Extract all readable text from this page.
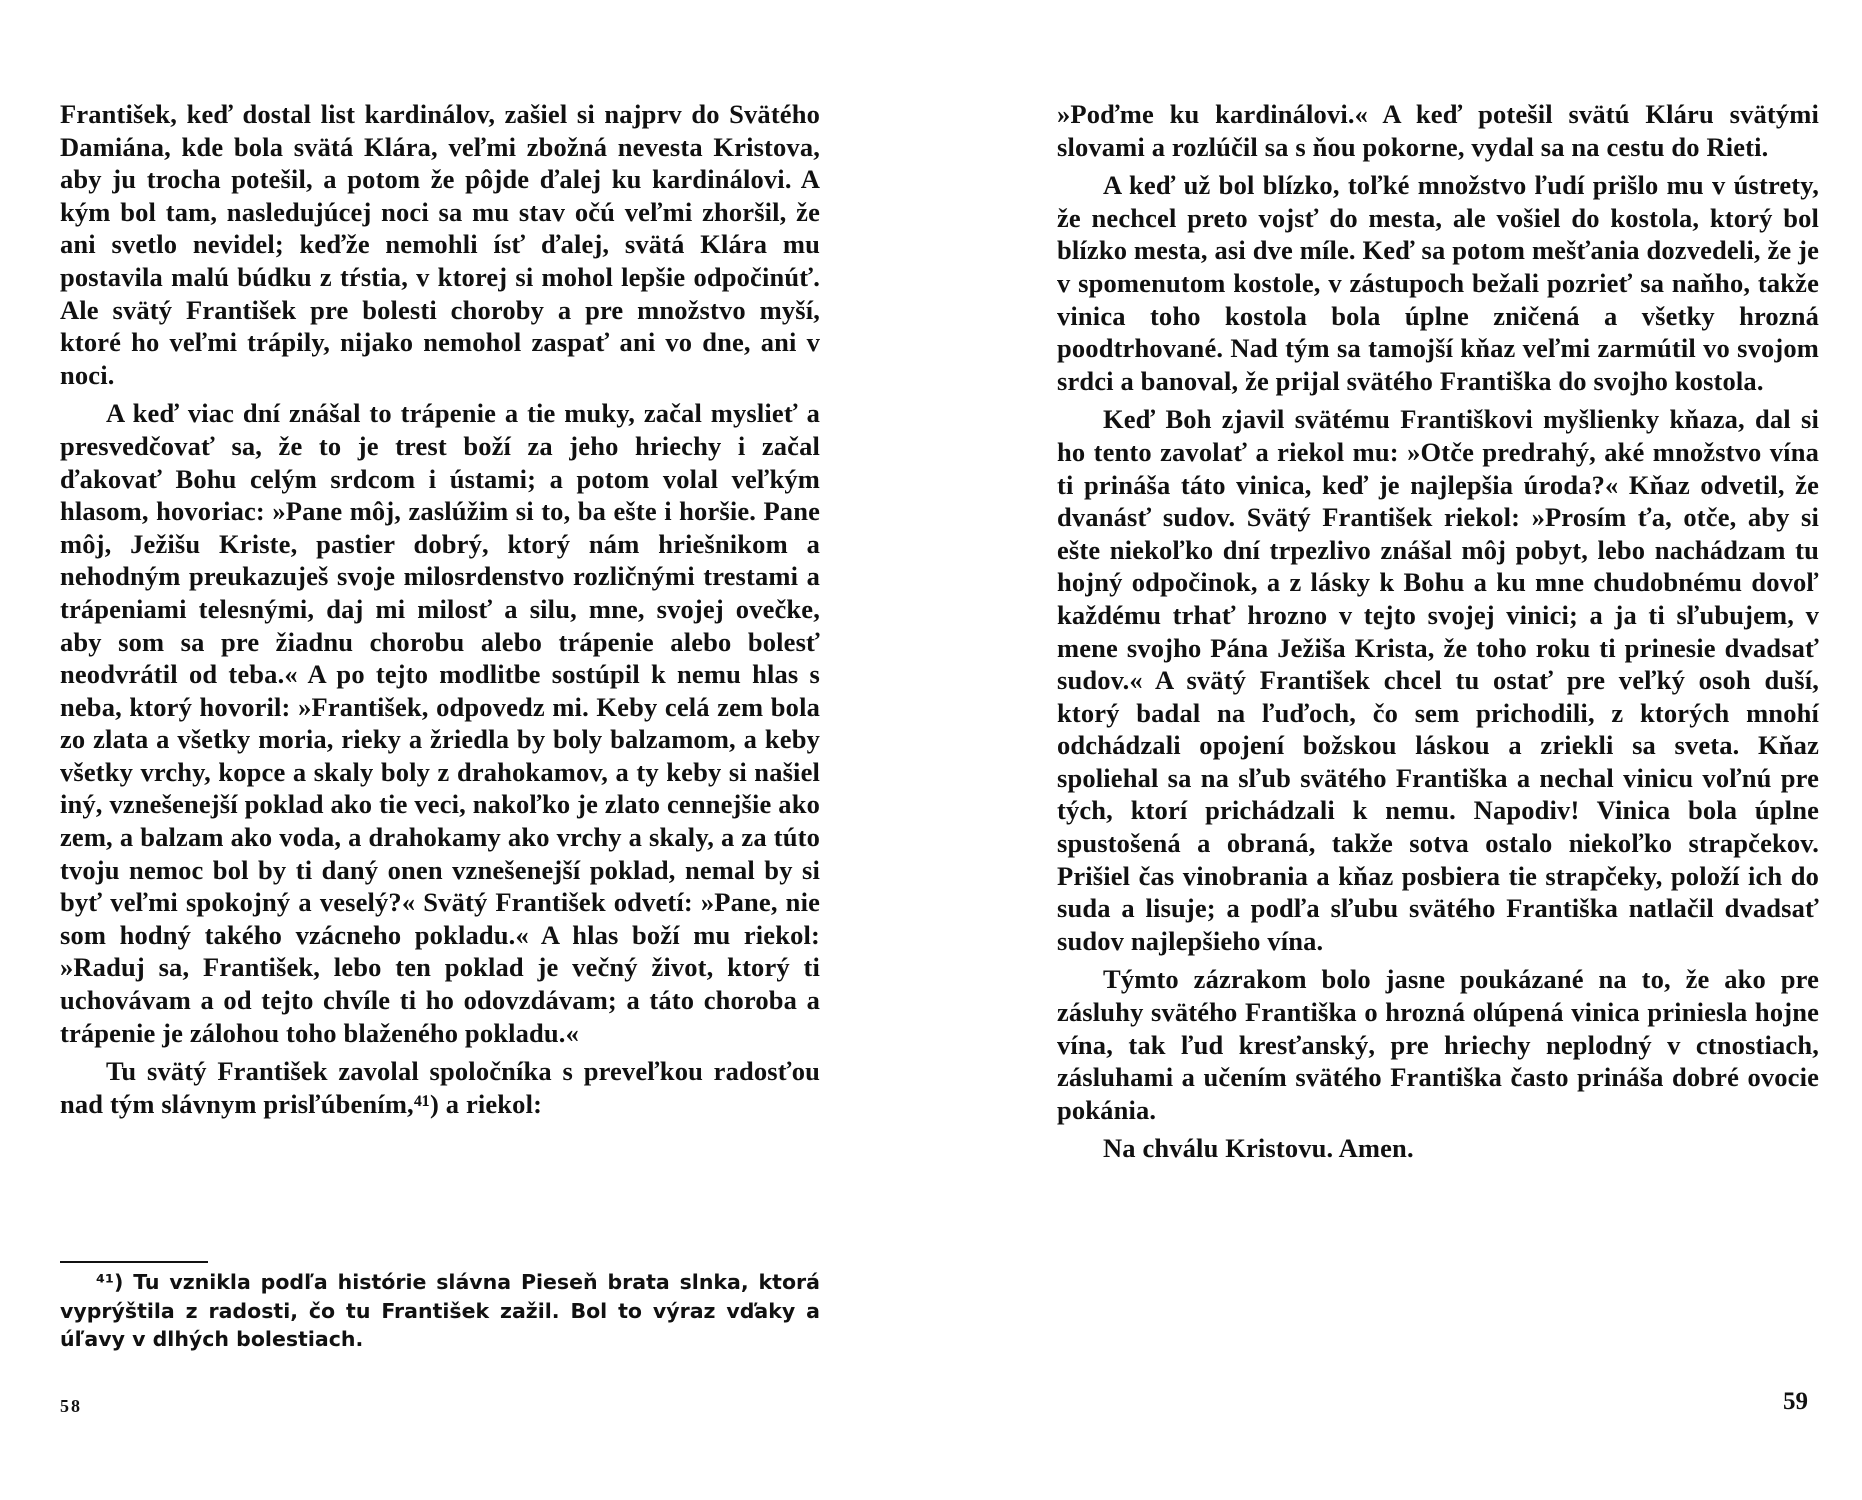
František, keď dostal list kardinálov, zašiel si najprv do Svätého Damiána, kde bola svätá Klára, veľmi zbožná nevesta Kristova, aby ju trocha potešil, a potom že pôjde ďalej ku kardinálovi. A kým bol tam, nasledujúcej noci sa mu stav očú veľmi zhoršil, že ani svetlo nevidel; keďže nemohli ísť ďalej, svätá Klára mu postavila malú búdku z tŕstia, v ktorej si mohol lepšie odpočinúť. Ale svätý František pre bolesti choroby a pre množstvo myší, ktoré ho veľmi trápily, nijako nemohol zaspať ani vo dne, ani v noci.

A keď viac dní znášal to trápenie a tie muky, začal myslieť a presvedčovať sa, že to je trest boží za jeho hriechy i začal ďakovať Bohu celým srdcom i ústami; a potom volal veľkým hlasom, hovoriac: »Pane môj, zaslúžim si to, ba ešte i horšie. Pane môj, Ježišu Kriste, pastier dobrý, ktorý nám hriešnikom a nehodným preukazuješ svoje milosrdenstvo rozličnými trestami a trápeniami telesnými, daj mi milosť a silu, mne, svojej ovečke, aby som sa pre žiadnu chorobu alebo trápenie alebo bolesť neodvrátil od teba.« A po tejto modlitbe sostúpil k nemu hlas s neba, ktorý hovoril: »František, odpovedz mi. Keby celá zem bola zo zlata a všetky moria, rieky a žriedla by boly balzamom, a keby všetky vrchy, kopce a skaly boly z drahokamov, a ty keby si našiel iný, vznešenejší poklad ako tie veci, nakoľko je zlato cennejšie ako zem, a balzam ako voda, a drahokamy ako vrchy a skaly, a za túto tvoju nemoc bol by ti daný onen vznešenejší poklad, nemal by si byť veľmi spokojný a veselý?« Svätý František odvetí: »Pane, nie som hodný takého vzácneho pokladu.« A hlas boží mu riekol: »Raduj sa, František, lebo ten poklad je večný život, ktorý ti uchovávam a od tejto chvíle ti ho odovzdávam; a táto choroba a trápenie je zálohou toho blaženého pokladu.«

Tu svätý František zavolal spoločníka s preveľkou radosťou nad tým slávnym prisľúbením,⁴¹) a riekol:

⁴¹) Tu vznikla podľa histórie slávna Pieseň brata slnka, ktorá vyprýštila z radosti, čo tu František zažil. Bol to výraz vďaky a úľavy v dlhých bolestiach.

58

»Poďme ku kardinálovi.« A keď potešil svätú Kláru svätými slovami a rozlúčil sa s ňou pokorne, vydal sa na cestu do Rieti.

A keď už bol blízko, toľké množstvo ľudí prišlo mu v ústrety, že nechcel preto vojsť do mesta, ale vošiel do kostola, ktorý bol blízko mesta, asi dve míle. Keď sa potom mešťania dozvedeli, že je v spomenutom kostole, v zástupoch bežali pozrieť sa naňho, takže vinica toho kostola bola úplne zničená a všetky hrozná poodtrhované. Nad tým sa tamojší kňaz veľmi zarmútil vo svojom srdci a banoval, že prijal svätého Františka do svojho kostola.

Keď Boh zjavil svätému Františkovi myšlienky kňaza, dal si ho tento zavolať a riekol mu: »Otče predrahý, aké množstvo vína ti prináša táto vinica, keď je najlepšia úroda?« Kňaz odvetil, že dvanásť sudov. Svätý František riekol: »Prosím ťa, otče, aby si ešte niekoľko dní trpezlivo znášal môj pobyt, lebo nachádzam tu hojný odpočinok, a z lásky k Bohu a ku mne chudobnému dovoľ každému trhať hrozno v tejto svojej vinici; a ja ti sľubujem, v mene svojho Pána Ježiša Krista, že toho roku ti prinesie dvadsať sudov.« A svätý František chcel tu ostať pre veľký osoh duší, ktorý badal na ľuďoch, čo sem prichodili, z ktorých mnohí odchádzali opojení božskou láskou a zriekli sa sveta. Kňaz spoliehal sa na sľub svätého Františka a nechal vinicu voľnú pre tých, ktorí prichádzali k nemu. Napodiv! Vinica bola úplne spustošená a obraná, takže sotva ostalo niekoľko strapčekov. Prišiel čas vinobrania a kňaz posbiera tie strapčeky, položí ich do suda a lisuje; a podľa sľubu svätého Františka natlačil dvadsať sudov najlepšieho vína.

Týmto zázrakom bolo jasne poukázané na to, že ako pre zásluhy svätého Františka o hrozná olúpená vinica priniesla hojne vína, tak ľud kresťanský, pre hriechy neplodný v ctnostiach, zásluhami a učením svätého Františka často prináša dobré ovocie pokánia.

Na chválu Kristovu. Amen.

59
